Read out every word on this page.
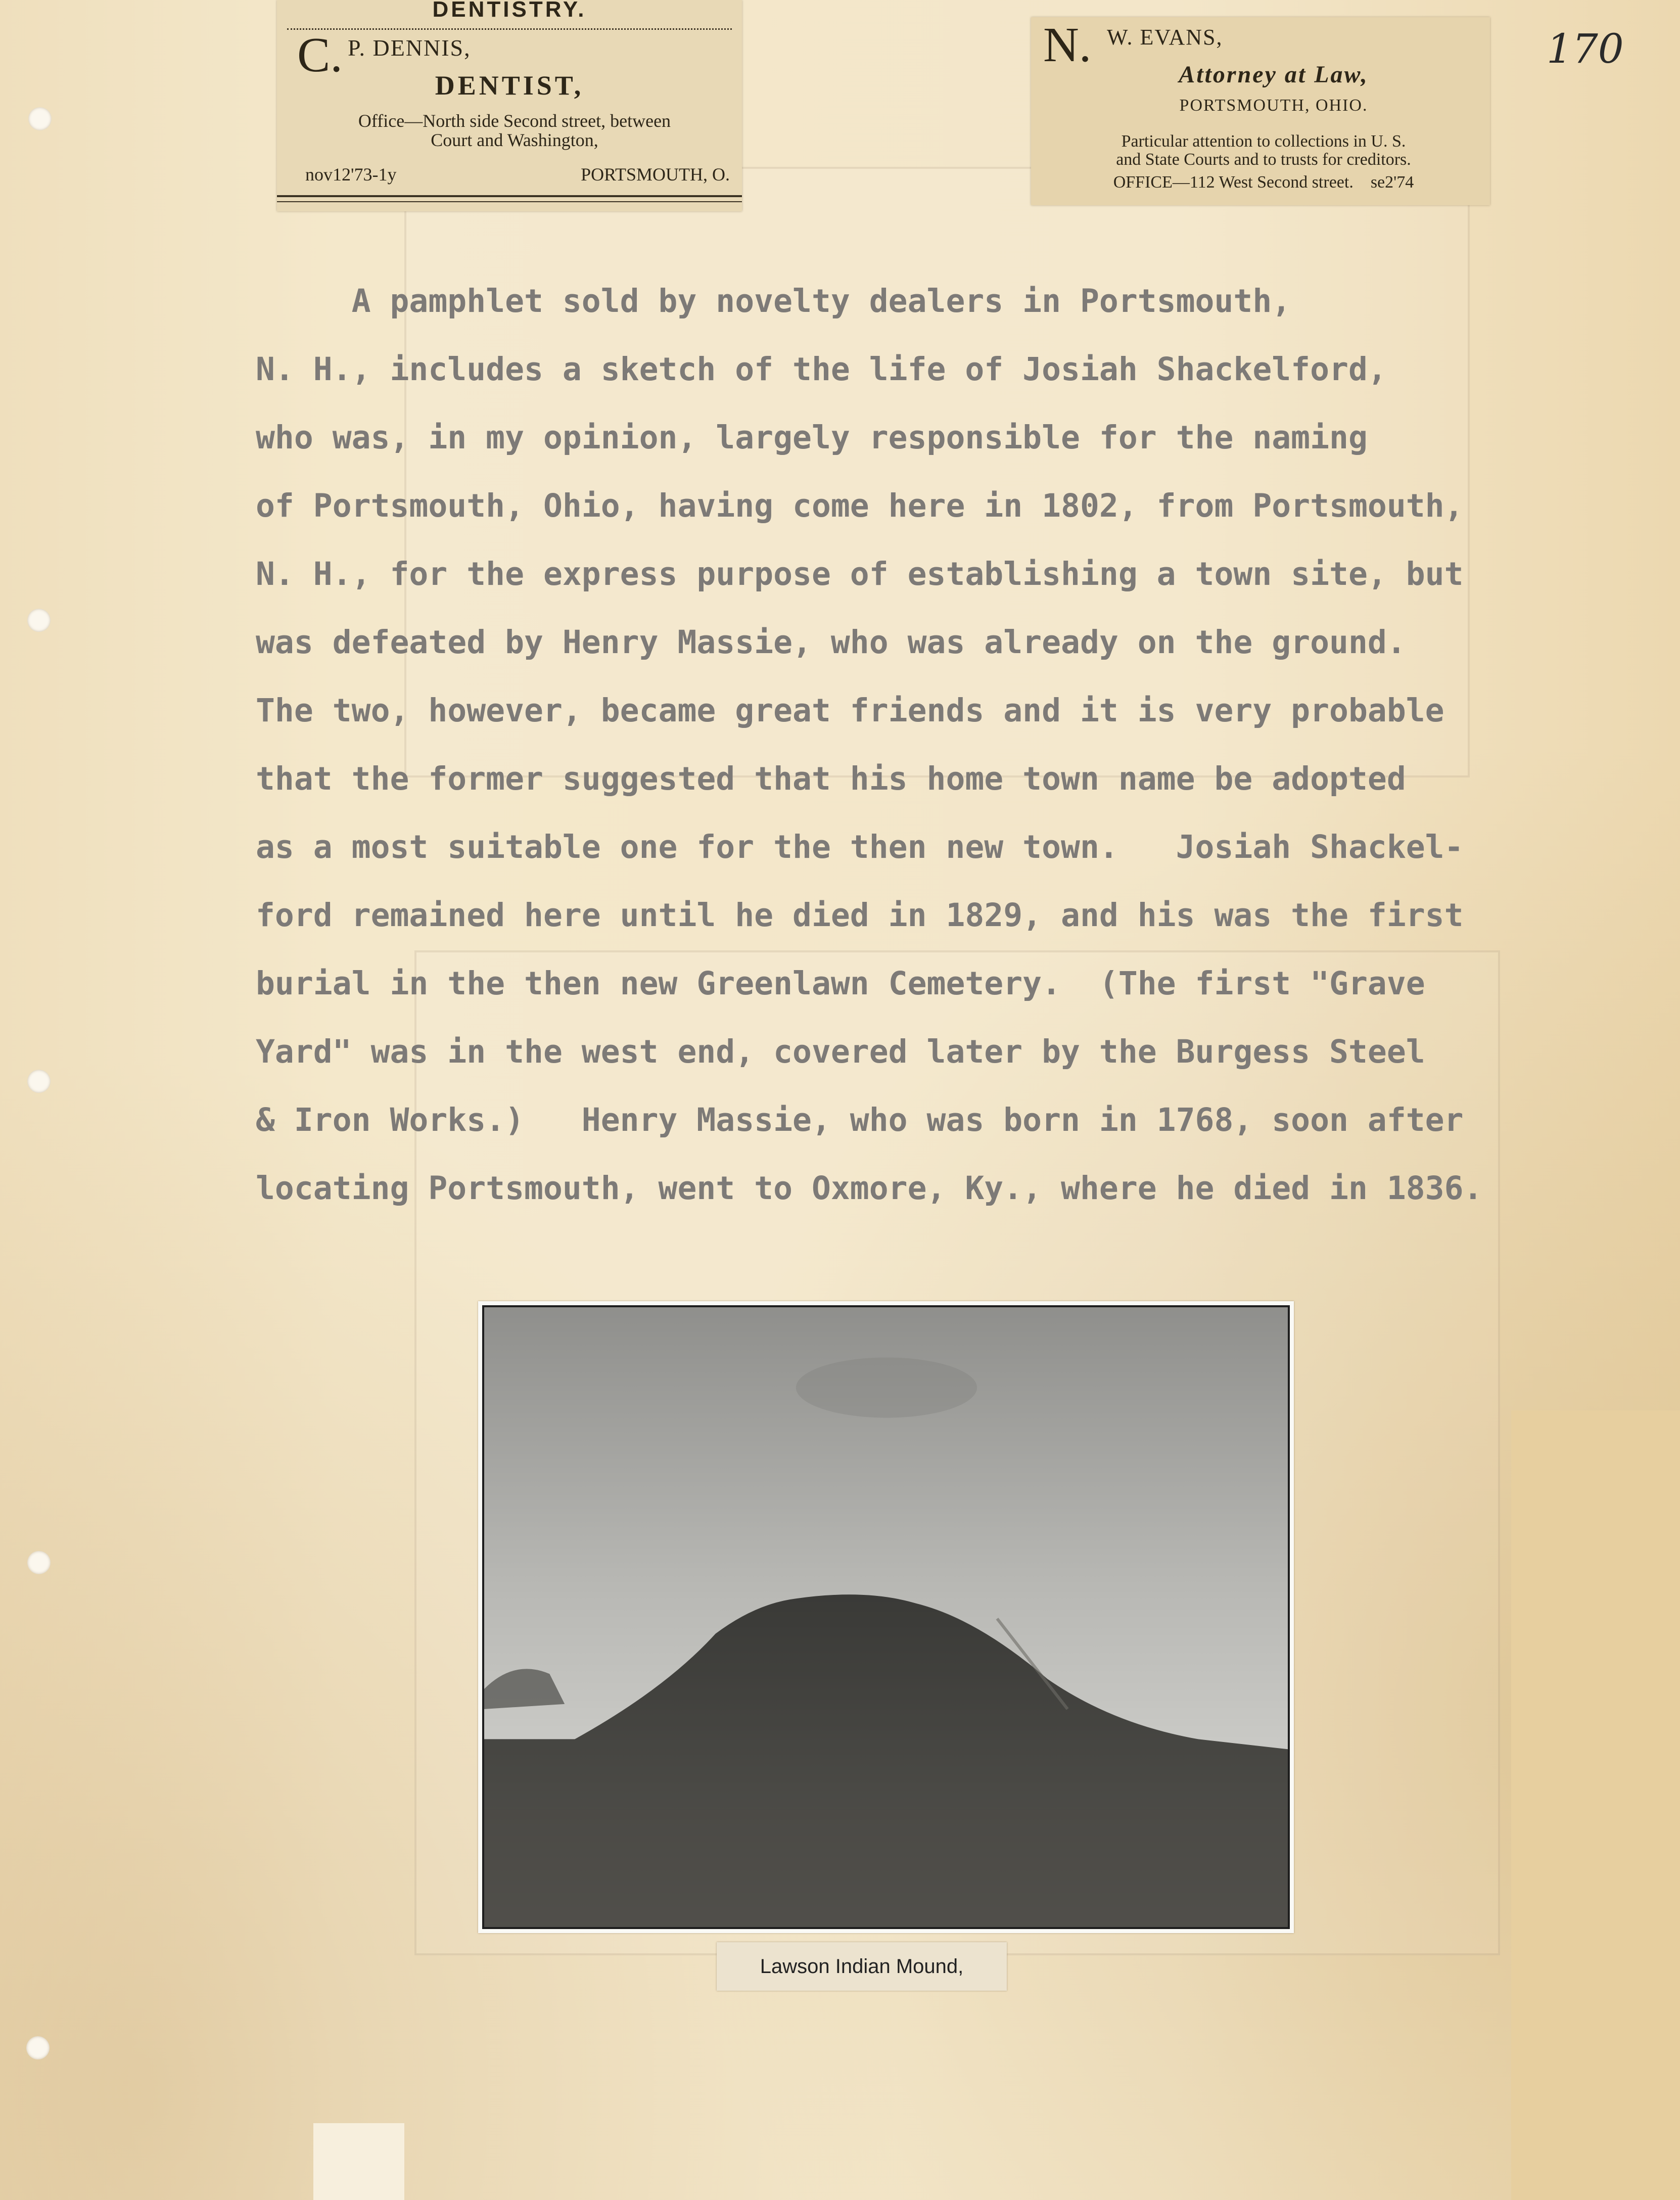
170
DENTISTRY.
C. P. DENNIS,
DENTIST,
Office—North side Second street, between
Court and Washington,
nov12'73-1y	PORTSMOUTH, O.
N. W. EVANS,
Attorney at Law,
PORTSMOUTH, OHIO.
Particular attention to collections in U. S.
and State Courts and to trusts for creditors.
OFFICE—112 West Second street. se2'74
A pamphlet sold by novelty dealers in Portsmouth,
N. H., includes a sketch of the life of Josiah Shackelford,
who was, in my opinion, largely responsible for the naming
of Portsmouth, Ohio, having come here in 1802, from Portsmouth,
N. H., for the express purpose of establishing a town site, but
was defeated by Henry Massie, who was already on the ground.
The two, however, became great friends and it is very probable
that the former suggested that his home town name be adopted
as a most suitable one for the then new town.   Josiah Shackel-
ford remained here until he died in 1829, and his was the first
burial in the then new Greenlawn Cemetery.  (The first "Grave
Yard" was in the west end, covered later by the Burgess Steel
& Iron Works.)   Henry Massie, who was born in 1768, soon after
locating Portsmouth, went to Oxmore, Ky., where he died in 1836.
Lawson Indian Mound,
